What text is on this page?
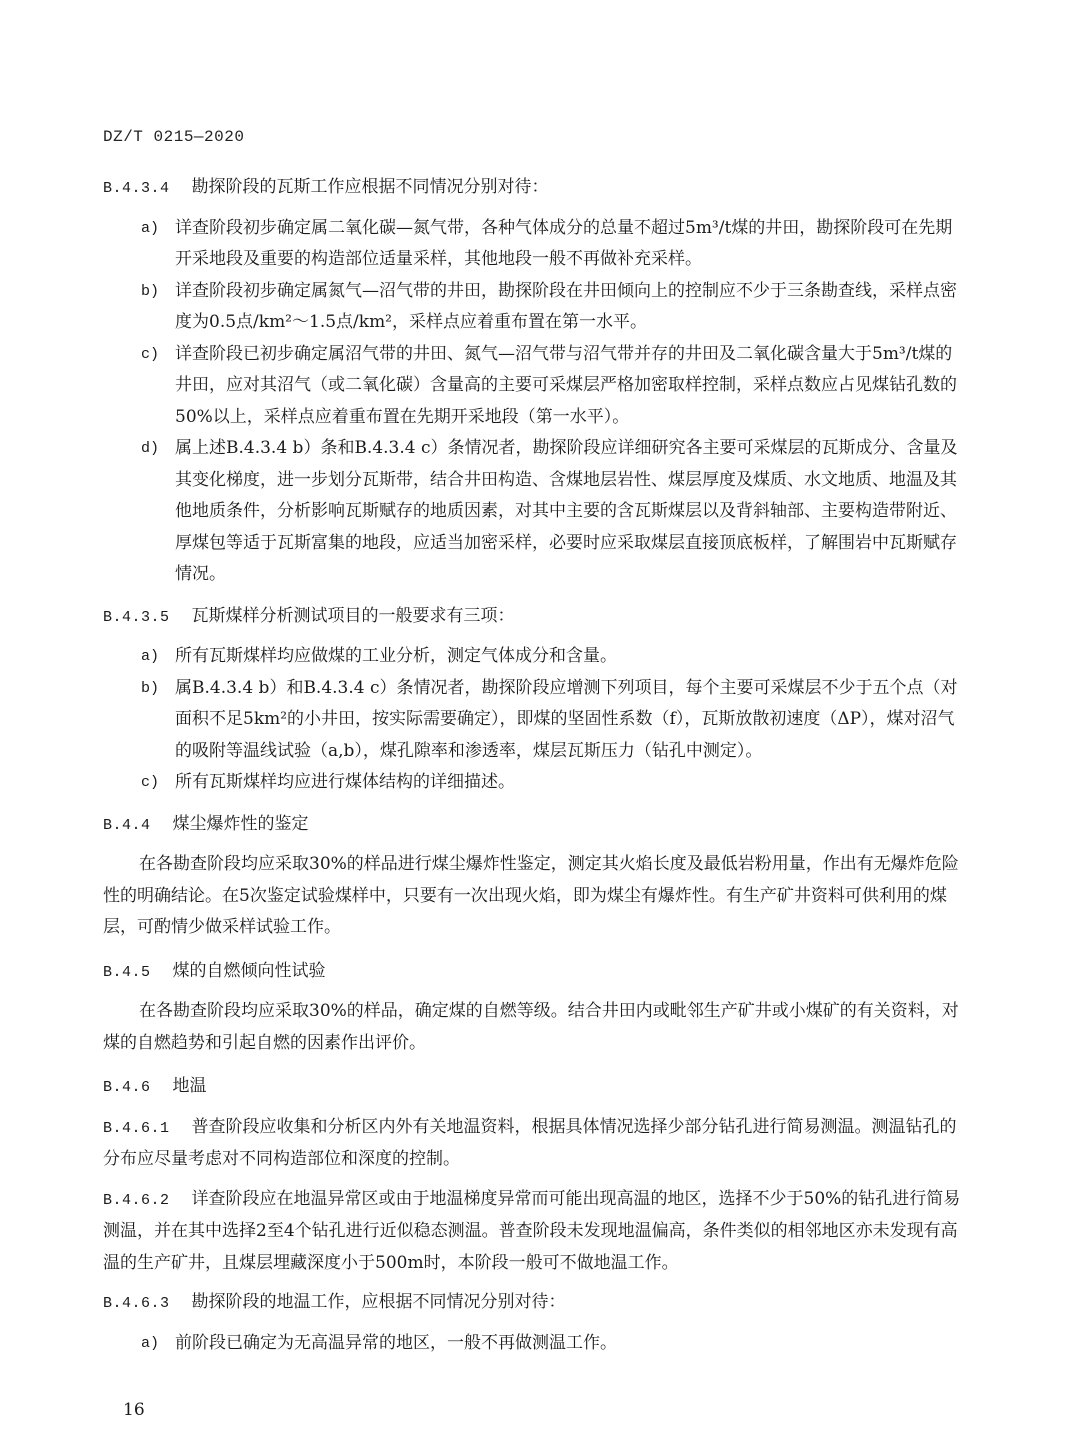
DZ/T 0215—2020
B.4.3.4 勘探阶段的瓦斯工作应根据不同情况分别对待：
a) 详查阶段初步确定属二氧化碳—氮气带，各种气体成分的总量不超过5m³/t煤的井田，勘探阶段可在先期开采地段及重要的构造部位适量采样，其他地段一般不再做补充采样。
b) 详查阶段初步确定属氮气—沼气带的井田，勘探阶段在井田倾向上的控制应不少于三条勘查线，采样点密度为0.5点/km²～1.5点/km²，采样点应着重布置在第一水平。
c) 详查阶段已初步确定属沼气带的井田、氮气—沼气带与沼气带并存的井田及二氧化碳含量大于5m³/t煤的井田，应对其沼气（或二氧化碳）含量高的主要可采煤层严格加密取样控制，采样点数应占见煤钻孔数的50%以上，采样点应着重布置在先期开采地段（第一水平）。
d) 属上述B.4.3.4 b）条和B.4.3.4 c）条情况者，勘探阶段应详细研究各主要可采煤层的瓦斯成分、含量及其变化梯度，进一步划分瓦斯带，结合井田构造、含煤地层岩性、煤层厚度及煤质、水文地质、地温及其他地质条件，分析影响瓦斯赋存的地质因素，对其中主要的含瓦斯煤层以及背斜轴部、主要构造带附近、厚煤包等适于瓦斯富集的地段，应适当加密采样，必要时应采取煤层直接顶底板样，了解围岩中瓦斯赋存情况。
B.4.3.5 瓦斯煤样分析测试项目的一般要求有三项：
a) 所有瓦斯煤样均应做煤的工业分析，测定气体成分和含量。
b) 属B.4.3.4 b）和B.4.3.4 c）条情况者，勘探阶段应增测下列项目，每个主要可采煤层不少于五个点（对面积不足5km²的小井田，按实际需要确定），即煤的坚固性系数（f），瓦斯放散初速度（ΔP），煤对沼气的吸附等温线试验（a,b），煤孔隙率和渗透率，煤层瓦斯压力（钻孔中测定）。
c) 所有瓦斯煤样均应进行煤体结构的详细描述。
B.4.4 煤尘爆炸性的鉴定
在各勘查阶段均应采取30%的样品进行煤尘爆炸性鉴定，测定其火焰长度及最低岩粉用量，作出有无爆炸危险性的明确结论。在5次鉴定试验煤样中，只要有一次出现火焰，即为煤尘有爆炸性。有生产矿井资料可供利用的煤层，可酌情少做采样试验工作。
B.4.5 煤的自燃倾向性试验
在各勘查阶段均应采取30%的样品，确定煤的自燃等级。结合井田内或毗邻生产矿井或小煤矿的有关资料，对煤的自燃趋势和引起自燃的因素作出评价。
B.4.6 地温
B.4.6.1 普查阶段应收集和分析区内外有关地温资料，根据具体情况选择少部分钻孔进行简易测温。测温钻孔的分布应尽量考虑对不同构造部位和深度的控制。
B.4.6.2 详查阶段应在地温异常区或由于地温梯度异常而可能出现高温的地区，选择不少于50%的钻孔进行简易测温，并在其中选择2至4个钻孔进行近似稳态测温。普查阶段未发现地温偏高，条件类似的相邻地区亦未发现有高温的生产矿井，且煤层埋藏深度小于500m时，本阶段一般可不做地温工作。
B.4.6.3 勘探阶段的地温工作，应根据不同情况分别对待：
a) 前阶段已确定为无高温异常的地区，一般不再做测温工作。
16
